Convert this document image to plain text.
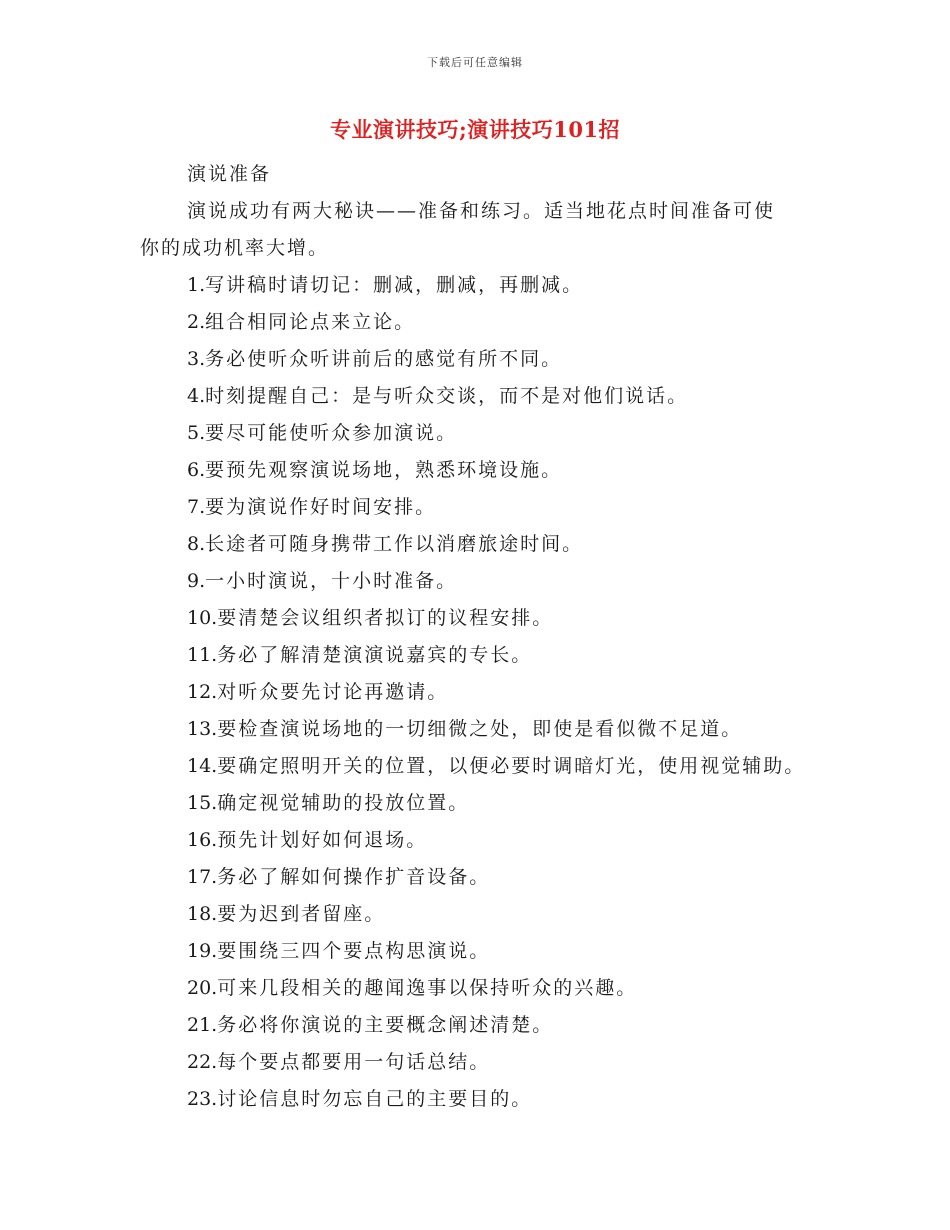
下载后可任意编辑
专业演讲技巧;演讲技巧101招

演说准备

演说成功有两大秘诀——准备和练习。适当地花点时间准备可使

你的成功机率大增。

1.写讲稿时请切记：删减，删减，再删减。
2.组合相同论点来立论。
3.务必使听众听讲前后的感觉有所不同。
4.时刻提醒自己：是与听众交谈，而不是对他们说话。
5.要尽可能使听众参加演说。
6.要预先观察演说场地，熟悉环境设施。
7.要为演说作好时间安排。
8.长途者可随身携带工作以消磨旅途时间。
9.一小时演说，十小时准备。
10.要清楚会议组织者拟订的议程安排。
11.务必了解清楚演演说嘉宾的专长。
12.对听众要先讨论再邀请。
13.要检查演说场地的一切细微之处，即使是看似微不足道。
14.要确定照明开关的位置，以便必要时调暗灯光，使用视觉辅助。
15.确定视觉辅助的投放位置。
16.预先计划好如何退场。
17.务必了解如何操作扩音设备。
18.要为迟到者留座。
19.要围绕三四个要点构思演说。
20.可来几段相关的趣闻逸事以保持听众的兴趣。
21.务必将你演说的主要概念阐述清楚。
22.每个要点都要用一句话总结。
23.讨论信息时勿忘自己的主要目的。
